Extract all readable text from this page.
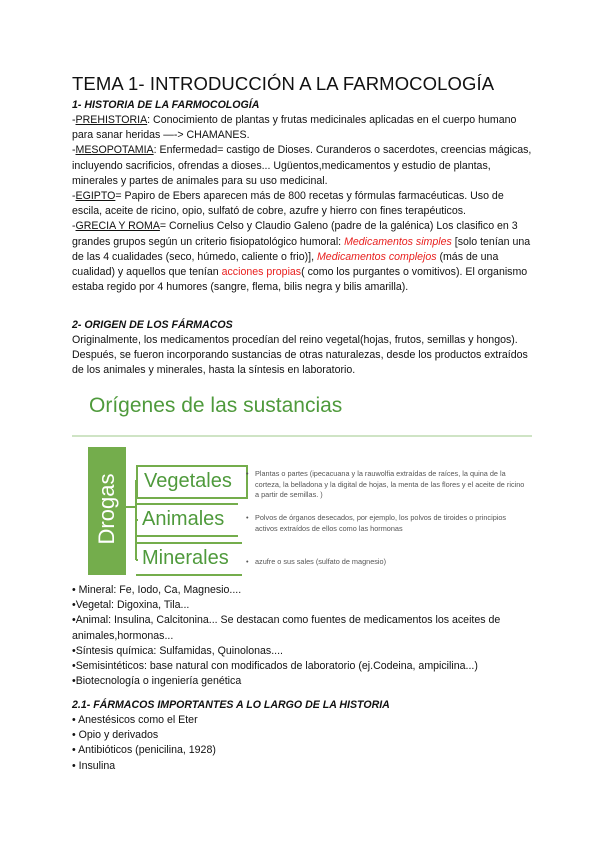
TEMA 1- INTRODUCCIÓN A LA FARMOCOLOGÍA

1- HISTORIA DE LA FARMOCOLOGÍA

-PREHISTORIA: Conocimiento de plantas y frutas medicinales aplicadas en el cuerpo humano para sanar heridas —-> CHAMANES.

-MESOPOTAMIA: Enfermedad= castigo de Dioses. Curanderos o sacerdotes, creencias mágicas, incluyendo sacrificios, ofrendas a dioses... Ugüentos,medicamentos y estudio de plantas, minerales y partes de animales para su uso medicinal.

-EGIPTO= Papiro de Ebers aparecen más de 800 recetas y fórmulas farmacéuticas. Uso de escila, aceite de ricino, opio, sulfató de cobre, azufre y hierro con fines terapéuticos.

-GRECIA Y ROMA= Cornelius Celso y Claudio Galeno (padre de la galénica) Los clasifico en 3 grandes grupos según un criterio fisiopatológico humoral: Medicamentos simples [solo tenían una de las 4 cualidades (seco, húmedo, caliente o frio)], Medicamentos complejos (más de una cualidad) y aquellos que tenían acciones propias( como los purgantes o vomitivos). El organismo estaba regido por 4 humores (sangre, flema, bilis negra y bilis amarilla).

2- ORIGEN DE LOS FÁRMACOS

Originalmente, los medicamentos procedían del reino vegetal(hojas, frutos, semillas y hongos). Después, se fueron incorporando sustancias de otras naturalezas, desde los productos extraídos de los animales y minerales, hasta la síntesis en laboratorio.

Orígenes de las sustancias
Drogas	Vegetales
Animales
Minerales
• Plantas o partes (ipecacuana y la rauwolfia extraídas de raíces, la quina de la corteza, la belladona y la digital de hojas, la menta de las flores y el aceite de ricino a partir de semillas. )
• Polvos de órganos desecados, por ejemplo, los polvos de tiroides o principios activos extraídos de ellos como las hormonas
• azufre o sus sales (sulfato de magnesio)
• Mineral: Fe, Iodo, Ca, Magnesio....
•Vegetal: Digoxina, Tila...
•Animal: Insulina, Calcitonina... Se destacan como fuentes de medicamentos los aceites de animales,hormonas...
•Síntesis química: Sulfamidas, Quinolonas....
•Semisintéticos: base natural con modificados de laboratorio (ej.Codeina, ampicilina...)
•Biotecnología o ingeniería genética

2.1- FÁRMACOS IMPORTANTES A LO LARGO DE LA HISTORIA

• Anestésicos como el Eter
• Opio y derivados
• Antibióticos (penicilina, 1928)
• Insulina
